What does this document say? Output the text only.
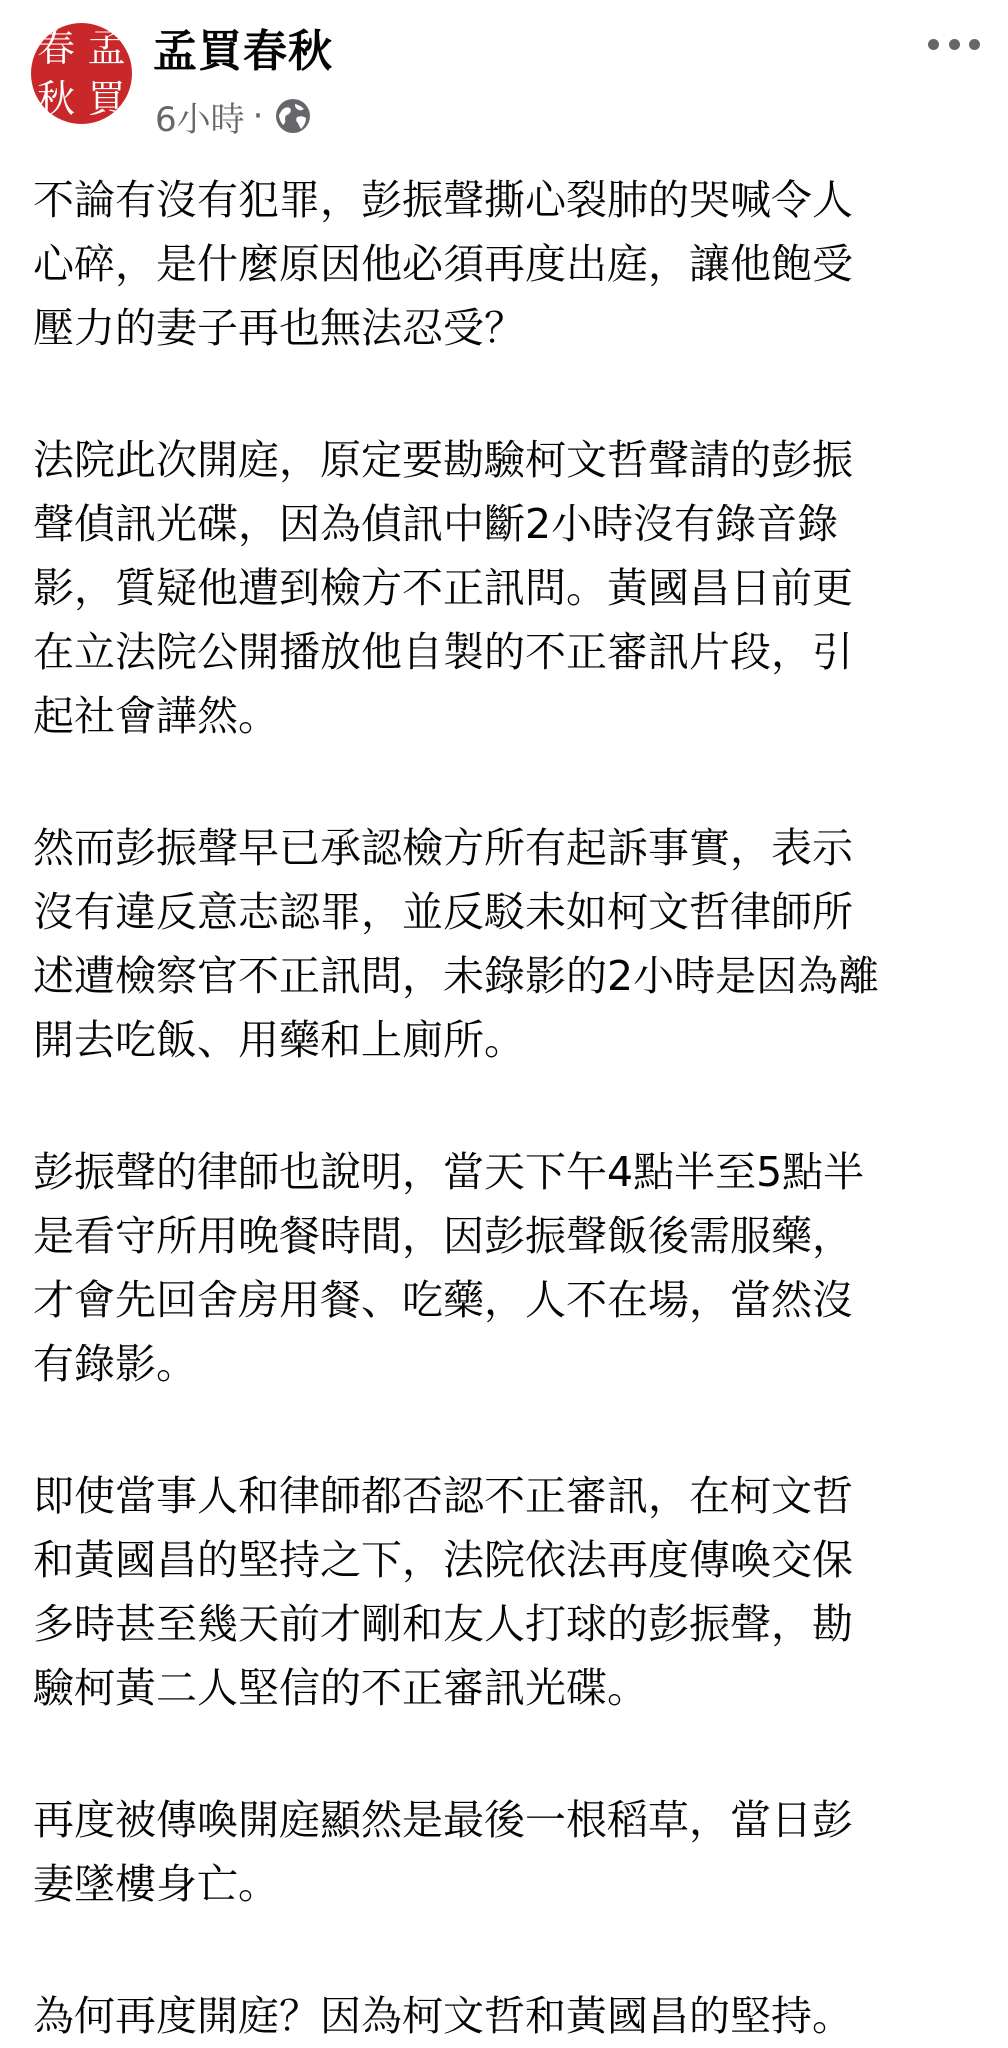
春 孟
秋 買
孟買春秋
6小時 ·
不論有沒有犯罪，彭振聲撕心裂肺的哭喊令人
心碎，是什麼原因他必須再度出庭，讓他飽受
壓力的妻子再也無法忍受？
法院此次開庭，原定要勘驗柯文哲聲請的彭振
聲偵訊光碟，因為偵訊中斷2小時沒有錄音錄
影，質疑他遭到檢方不正訊問。黃國昌日前更
在立法院公開播放他自製的不正審訊片段，引
起社會譁然。
然而彭振聲早已承認檢方所有起訴事實，表示
沒有違反意志認罪，並反駁未如柯文哲律師所
述遭檢察官不正訊問，未錄影的2小時是因為離
開去吃飯、用藥和上廁所。
彭振聲的律師也說明，當天下午4點半至5點半
是看守所用晚餐時間，因彭振聲飯後需服藥，
才會先回舍房用餐、吃藥，人不在場，當然沒
有錄影。
即使當事人和律師都否認不正審訊，在柯文哲
和黃國昌的堅持之下，法院依法再度傳喚交保
多時甚至幾天前才剛和友人打球的彭振聲，勘
驗柯黃二人堅信的不正審訊光碟。
再度被傳喚開庭顯然是最後一根稻草，當日彭
妻墜樓身亡。
為何再度開庭？因為柯文哲和黃國昌的堅持。
